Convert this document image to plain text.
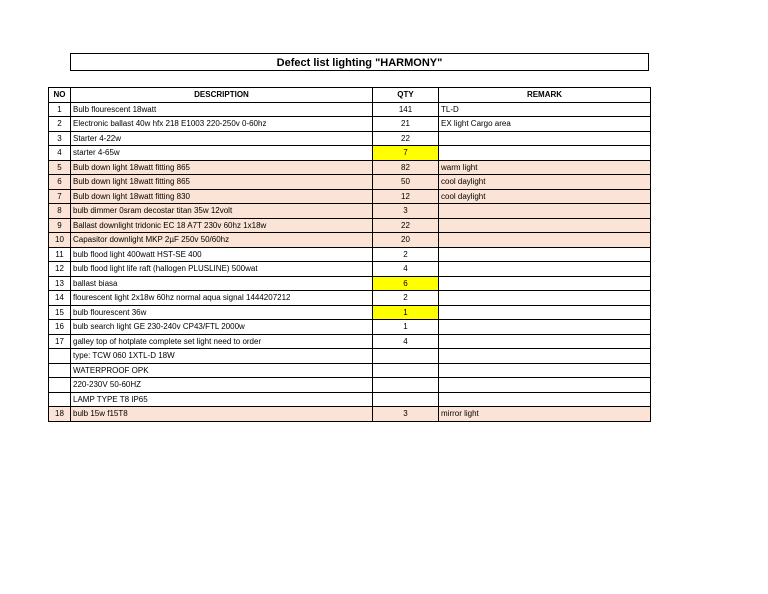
Defect list lighting "HARMONY"
NO	DESCRIPTION	QTY	REMARK
1	Bulb flourescent 18watt	141	TL-D
2	Electronic ballast 40w hfx 218 E1003 220-250v 0-60hz	21	EX light Cargo area
3	Starter 4-22w	22	
4	starter 4-65w	7	
5	Bulb down light 18watt fitting 865	82	warm light
6	Bulb down light 18watt fitting 865	50	cool daylight
7	Bulb down light 18watt fitting 830	12	cool daylight
8	bulb dimmer 0sram decostar titan 35w 12volt	3	
9	Ballast downlight tridonic EC 18 A7T 230v 60hz 1x18w	22	
10	Capasitor downlight MKP 2µF 250v 50/60hz	20	
11	bulb flood light 400watt HST-SE 400	2	
12	bulb flood light life raft (hallogen PLUSLINE) 500wat	4	
13	ballast biasa	6	
14	flourescent light 2x18w 60hz normal aqua signal 1444207212	2	
15	bulb flourescent 36w	1	
16	bulb search light GE 230-240v CP43/FTL 2000w	1	
17	galley top of hotplate complete set light need to order	4	
	type: TCW 060 1XTL-D 18W		
	WATERPROOF OPK		
	220-230V 50-60HZ		
	LAMP TYPE T8 IP65		
18	bulb 15w f15T8	3	mirror light
